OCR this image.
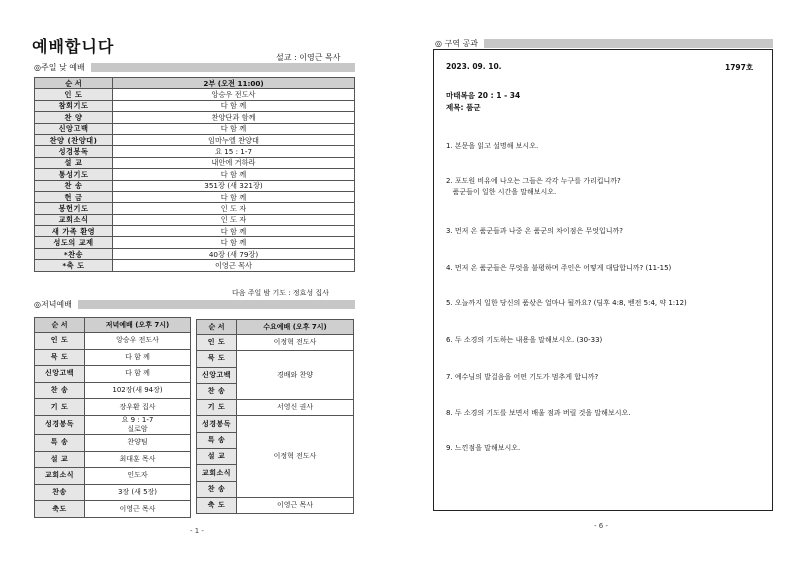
예배합니다
설교 : 이영근 목사
◎주일 낮 예배
순 서	2부 (오전 11:00)
인 도	앙승우 전도사
참회기도	다 함 께
찬 양	찬양단과 함께
신앙고백	다 함 께
찬양 (찬양대)	임마누엘 찬양대
성경봉독	요 15 : 1-7
설 교	내안에 거하라
통성기도	다 함 께
찬 송	351장 (새 321장)
헌 금	다 함 께
봉헌기도	인 도 자
교회소식	인 도 자
새 가족 환영	다 함 께
성도의 교제	다 함 께
*찬송	40장 (새 79장)
*축 도	이영근 목사
다음 주일 밤 기도 : 정효성 집사
◎저녁예배
순 서	저녁예배 (오후 7시)
인 도	앙승우 전도사
묵 도	다 함 께
신앙고백	다 함 께
찬 송	102장(새 94장)
기 도	장우환 집사
성경봉독	요 9 : 1-7
실로암
특 송	찬양팀
설 교	최대훈 목사
교회소식	인도자
찬송	3장 (새 5장)
축도	이영근 목사
순 서	수요예배 (오후 7시)
인 도	이정혁 전도사
묵 도	경배와 찬양
신앙고백	
찬 송	
기 도	서영신 권사
성경봉독	이정혁 전도사
특 송	
설 교	
교회소식	
찬 송	
축 도	이영근 목사
- 1 -
◎ 구역 공과
2023. 09. 10.	1797호
마태복음 20 : 1 - 34
제목: 품군
1. 본문을 읽고 설명해 보시오.
2. 포도원 비유에 나오는 그들은 각각 누구를 가리킵니까?
품군들이 일한 시간을 말해보시오.
3. 먼저 온 품군들과 나중 온 품군의 차이점은 무엇입니까?
4. 먼저 온 품군들은 무엇을 불평하며 주인은 어떻게 대답합니까? (11-15)
5. 오늘까지 일한 당신의 품삯은 얼마나 될까요? (딤후 4:8, 벧전 5:4, 약 1:12)
6. 두 소경의 기도하는 내용을 말해보시오. (30-33)
7. 예수님의 발걸음을 어떤 기도가 멈추게 합니까?
8. 두 소경의 기도를 보면서 배울 점과 버릴 것을 말해보시오.
9. 느낀점을 말해보시오.
- 6 -
